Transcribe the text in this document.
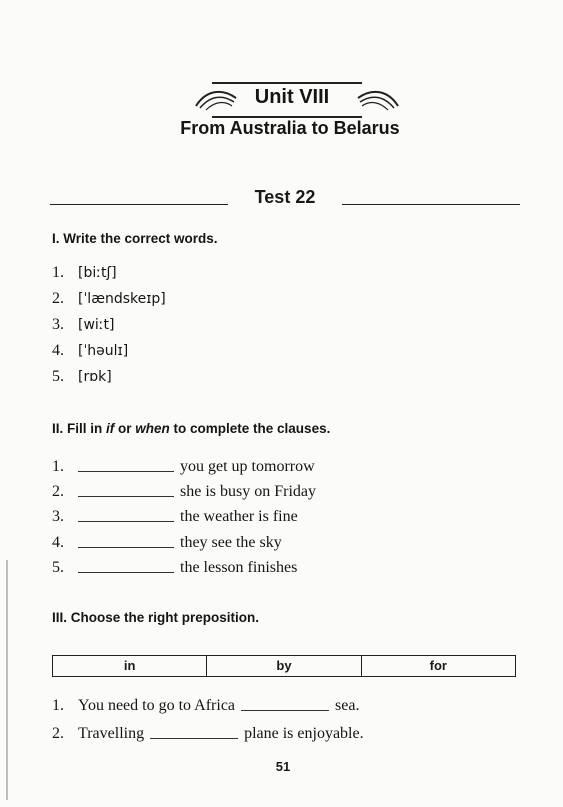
Unit VIII
From Australia to Belarus
Test 22
I. Write the correct words.
1. [biːtʃ]
2. [ˈlændskeɪp]
3. [wiːt]
4. [ˈhəulɪ]
5. [rɒk]
II. Fill in if or when to complete the clauses.
1.	you get up tomorrow
2.	she is busy on Friday
3.	the weather is fine
4.	they see the sky
5.	the lesson finishes
III. Choose the right preposition.
in	by	for
1. You need to go to Africa	sea.
2. Travelling	plane is enjoyable.
51
